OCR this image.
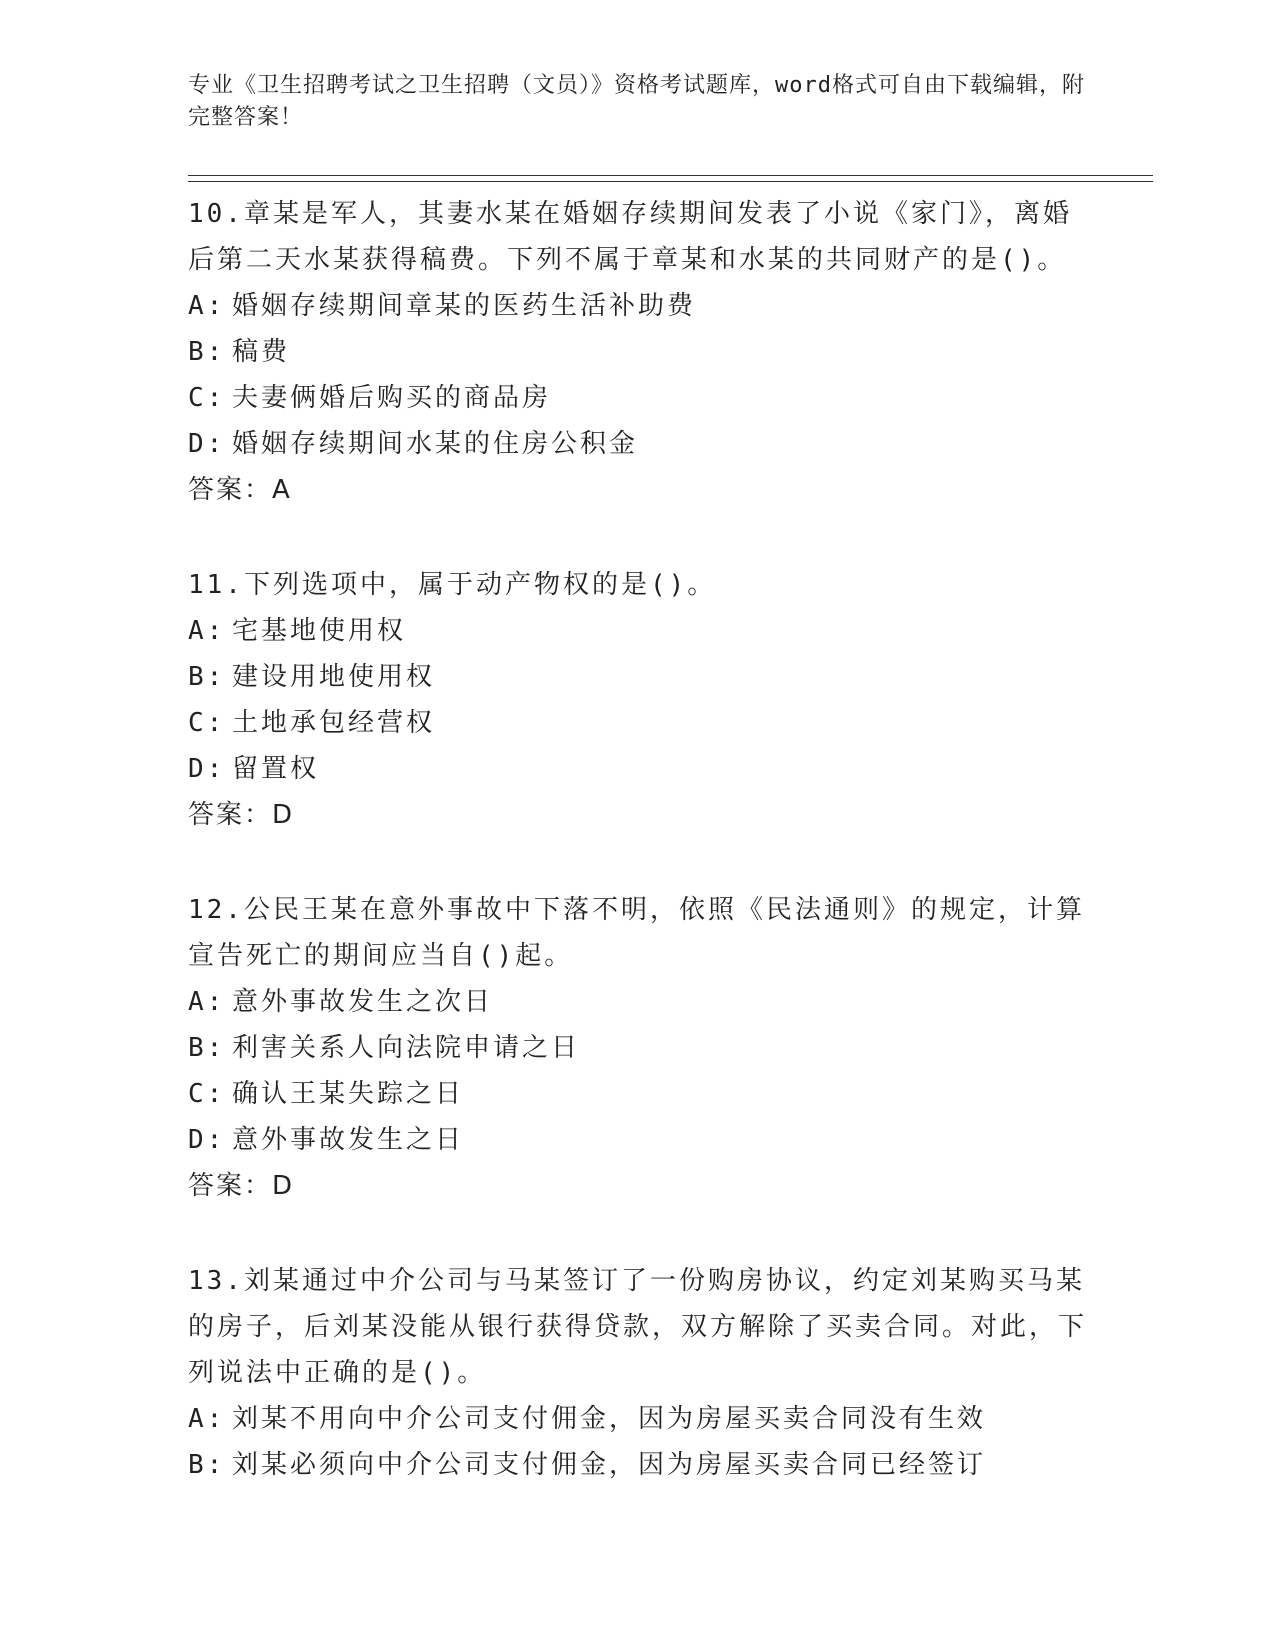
专业《卫生招聘考试之卫生招聘（文员）》资格考试题库，word格式可自由下载编辑，附完整答案！

10.章某是军人，其妻水某在婚姻存续期间发表了小说《家门》，离婚后第二天水某获得稿费。下列不属于章某和水某的共同财产的是()。

A: 婚姻存续期间章某的医药生活补助费

B: 稿费

C: 夫妻俩婚后购买的商品房

D: 婚姻存续期间水某的住房公积金

答案：A

11.下列选项中，属于动产物权的是()。

A: 宅基地使用权

B: 建设用地使用权

C: 土地承包经营权

D: 留置权

答案：D

12.公民王某在意外事故中下落不明，依照《民法通则》的规定，计算宣告死亡的期间应当自()起。

A: 意外事故发生之次日

B: 利害关系人向法院申请之日

C: 确认王某失踪之日

D: 意外事故发生之日

答案：D

13.刘某通过中介公司与马某签订了一份购房协议，约定刘某购买马某的房子，后刘某没能从银行获得贷款，双方解除了买卖合同。对此，下列说法中正确的是()。

A: 刘某不用向中介公司支付佣金，因为房屋买卖合同没有生效

B: 刘某必须向中介公司支付佣金，因为房屋买卖合同已经签订
